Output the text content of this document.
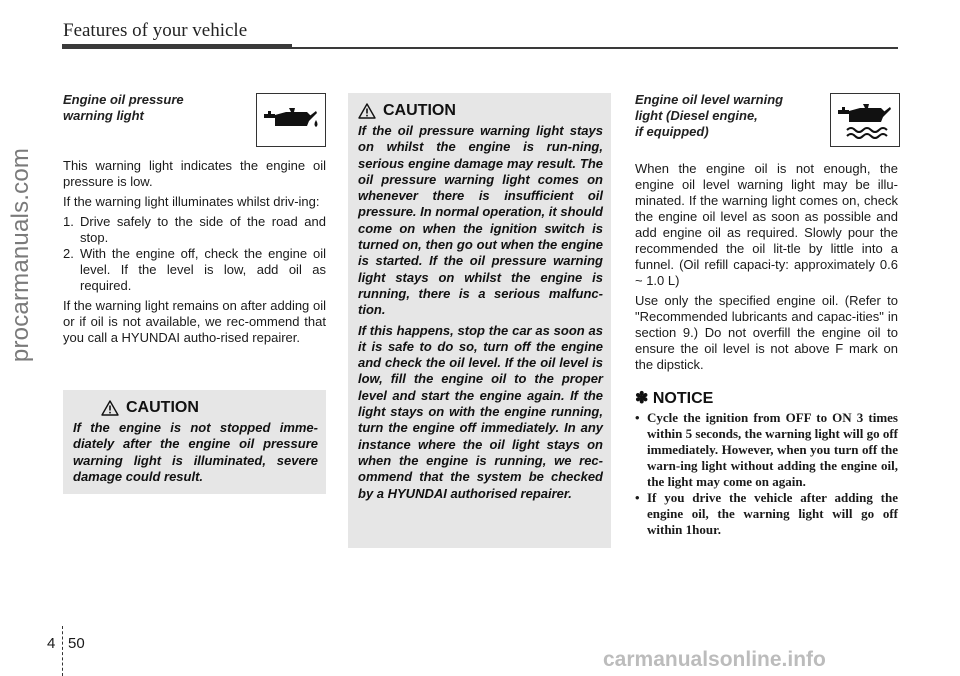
Features of your vehicle
procarmanuals.com
carmanualsonline.info
Engine oil pressure
warning light

This warning light indicates the engine oil pressure is low.

If the warning light illuminates whilst driv-ing:

1. Drive safely to the side of the road and stop.
2. With the engine off, check the engine oil level. If the level is low, add oil as required.

If the warning light remains on after adding oil or if oil is not available, we rec-ommend that you call a HYUNDAI autho-rised repairer.

CAUTION
If the engine is not stopped imme-diately after the engine oil pressure warning light is illuminated, severe damage could result.
CAUTION

If the oil pressure warning light stays on whilst the engine is run-ning, serious engine damage may result. The oil pressure warning light comes on whenever there is insufficient oil pressure. In normal operation, it should come on when the ignition switch is turned on, then go out when the engine is started. If the oil pressure warning light stays on whilst the engine is running, there is a serious malfunc-tion.

If this happens, stop the car as soon as it is safe to do so, turn off the engine and check the oil level. If the oil level is low, fill the engine oil to the proper level and start the engine again. If the light stays on with the engine running, turn the engine off immediately. In any instance where the oil light stays on when the engine is running, we rec-ommend that the system be checked by a HYUNDAI authorised repairer.

Engine oil level warning
light (Diesel engine,
if equipped)

When the engine oil is not enough, the engine oil level warning light may be illu-minated. If the warning light comes on, check the engine oil level as soon as possible and add engine oil as required. Slowly pour the recommended the oil lit-tle by little into a funnel. (Oil refill capaci-ty: approximately 0.6 ~ 1.0 L)

Use only the specified engine oil. (Refer to "Recommended lubricants and capac-ities" in section 9.) Do not overfill the engine oil to ensure the oil level is not above F mark on the dipstick.

✽ NOTICE
• Cycle the ignition from OFF to ON 3 times within 5 seconds, the warning light will go off immediately. However, when you turn off the warn-ing light without adding the engine oil, the light may come on again.
• If you drive the vehicle after adding the engine oil, the warning light will go off within 1hour.
4 50
